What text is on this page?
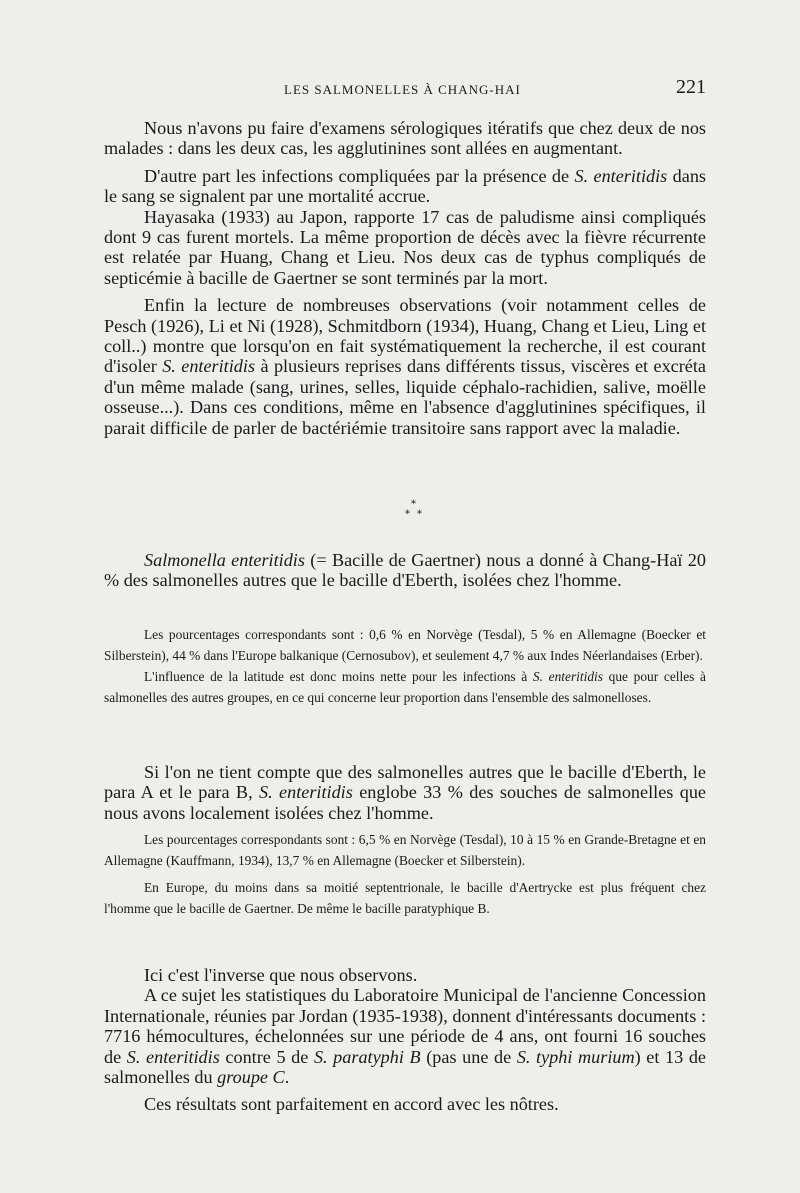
LES SALMONELLES À CHANG-HAI	221

Nous n'avons pu faire d'examens sérologiques itératifs que chez deux de nos malades : dans les deux cas, les agglutinines sont allées en augmentant.

D'autre part les infections compliquées par la présence de S. enteritidis dans le sang se signalent par une mortalité accrue.

Hayasaka (1933) au Japon, rapporte 17 cas de paludisme ainsi compliqués dont 9 cas furent mortels. La même proportion de décès avec la fièvre récurrente est relatée par Huang, Chang et Lieu. Nos deux cas de typhus compliqués de septicémie à bacille de Gaertner se sont terminés par la mort.

Enfin la lecture de nombreuses observations (voir notamment celles de Pesch (1926), Li et Ni (1928), Schmitdborn (1934), Huang, Chang et Lieu, Ling et coll..) montre que lorsqu'on en fait systématiquement la recherche, il est courant d'isoler S. enteritidis à plusieurs reprises dans différents tissus, viscères et excréta d'un même malade (sang, urines, selles, liquide céphalo-rachidien, salive, moëlle osseuse...). Dans ces conditions, même en l'absence d'agglutinines spécifiques, il parait difficile de parler de bactériémie transitoire sans rapport avec la maladie.

*
* *

Salmonella enteritidis (= Bacille de Gaertner) nous a donné à Chang-Haï 20 % des salmonelles autres que le bacille d'Eberth, isolées chez l'homme.

Les pourcentages correspondants sont : 0,6 % en Norvège (Tesdal), 5 % en Allemagne (Boecker et Silberstein), 44 % dans l'Europe balkanique (Cernosubov), et seulement 4,7 % aux Indes Néerlandaises (Erber).

L'influence de la latitude est donc moins nette pour les infections à S. enteritidis que pour celles à salmonelles des autres groupes, en ce qui concerne leur proportion dans l'ensemble des salmonelloses.

Si l'on ne tient compte que des salmonelles autres que le bacille d'Eberth, le para A et le para B, S. enteritidis englobe 33 % des souches de salmonelles que nous avons localement isolées chez l'homme.

Les pourcentages correspondants sont : 6,5 % en Norvège (Tesdal), 10 à 15 % en Grande-Bretagne et en Allemagne (Kauffmann, 1934), 13,7 % en Allemagne (Boecker et Silberstein).

En Europe, du moins dans sa moitié septentrionale, le bacille d'Aertrycke est plus fréquent chez l'homme que le bacille de Gaertner. De même le bacille paratyphique B.

Ici c'est l'inverse que nous observons.

A ce sujet les statistiques du Laboratoire Municipal de l'ancienne Concession Internationale, réunies par Jordan (1935-1938), donnent d'intéressants documents : 7716 hémocultures, échelonnées sur une période de 4 ans, ont fourni 16 souches de S. enteritidis contre 5 de S. paratyphi B (pas une de S. typhi murium) et 13 de salmonelles du groupe C.

Ces résultats sont parfaitement en accord avec les nôtres.
